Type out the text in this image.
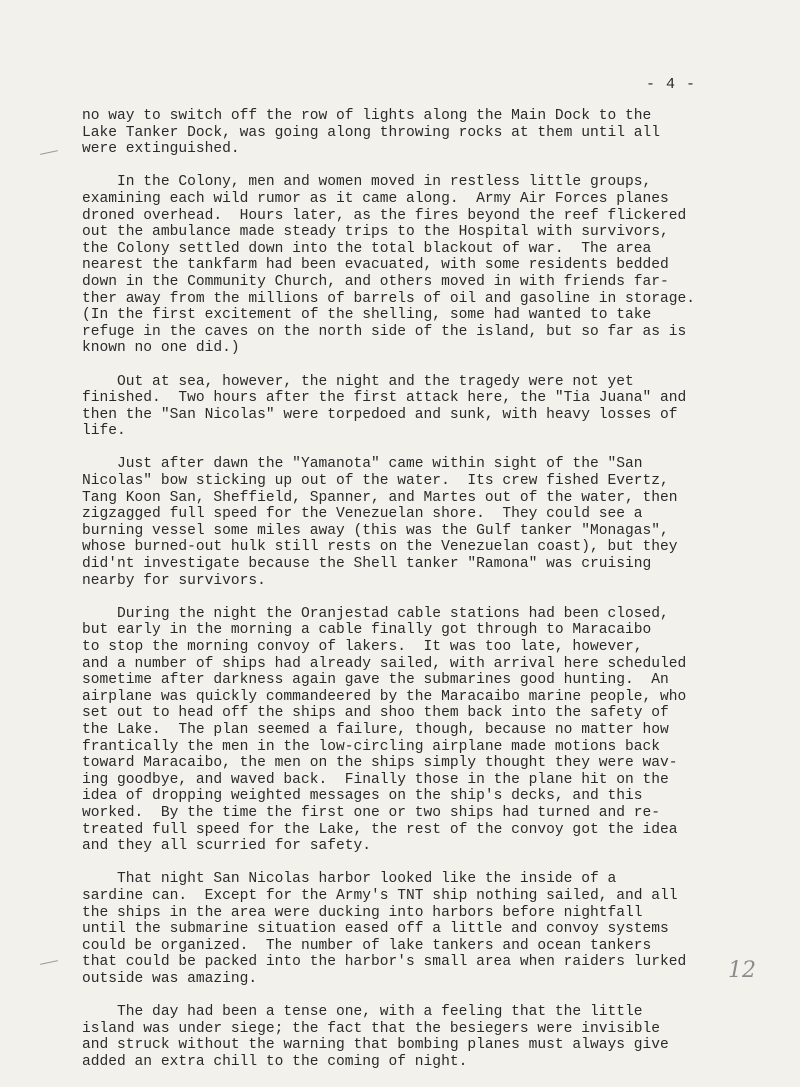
- 4 -
no way to switch off the row of lights along the Main Dock to the
Lake Tanker Dock, was going along throwing rocks at them until all
were extinguished.
In the Colony, men and women moved in restless little groups,
examining each wild rumor as it came along.  Army Air Forces planes
droned overhead.  Hours later, as the fires beyond the reef flickered
out the ambulance made steady trips to the Hospital with survivors,
the Colony settled down into the total blackout of war.  The area
nearest the tankfarm had been evacuated, with some residents bedded
down in the Community Church, and others moved in with friends far-
ther away from the millions of barrels of oil and gasoline in storage.
(In the first excitement of the shelling, some had wanted to take
refuge in the caves on the north side of the island, but so far as is
known no one did.)
Out at sea, however, the night and the tragedy were not yet
finished.  Two hours after the first attack here, the "Tia Juana" and
then the "San Nicolas" were torpedoed and sunk, with heavy losses of
life.
Just after dawn the "Yamanota" came within sight of the "San
Nicolas" bow sticking up out of the water.  Its crew fished Evertz,
Tang Koon San, Sheffield, Spanner, and Martes out of the water, then
zigzagged full speed for the Venezuelan shore.  They could see a
burning vessel some miles away (this was the Gulf tanker "Monagas",
whose burned-out hulk still rests on the Venezuelan coast), but they
did'nt investigate because the Shell tanker "Ramona" was cruising
nearby for survivors.
During the night the Oranjestad cable stations had been closed,
but early in the morning a cable finally got through to Maracaibo
to stop the morning convoy of lakers.  It was too late, however,
and a number of ships had already sailed, with arrival here scheduled
sometime after darkness again gave the submarines good hunting.  An
airplane was quickly commandeered by the Maracaibo marine people, who
set out to head off the ships and shoo them back into the safety of
the Lake.  The plan seemed a failure, though, because no matter how
frantically the men in the low-circling airplane made motions back
toward Maracaibo, the men on the ships simply thought they were wav-
ing goodbye, and waved back.  Finally those in the plane hit on the
idea of dropping weighted messages on the ship's decks, and this
worked.  By the time the first one or two ships had turned and re-
treated full speed for the Lake, the rest of the convoy got the idea
and they all scurried for safety.
That night San Nicolas harbor looked like the inside of a
sardine can.  Except for the Army's TNT ship nothing sailed, and all
the ships in the area were ducking into harbors before nightfall
until the submarine situation eased off a little and convoy systems
could be organized.  The number of lake tankers and ocean tankers
that could be packed into the harbor's small area when raiders lurked
outside was amazing.
The day had been a tense one, with a feeling that the little
island was under siege; the fact that the besiegers were invisible
and struck without the warning that bombing planes must always give
added an extra chill to the coming of night.
12
